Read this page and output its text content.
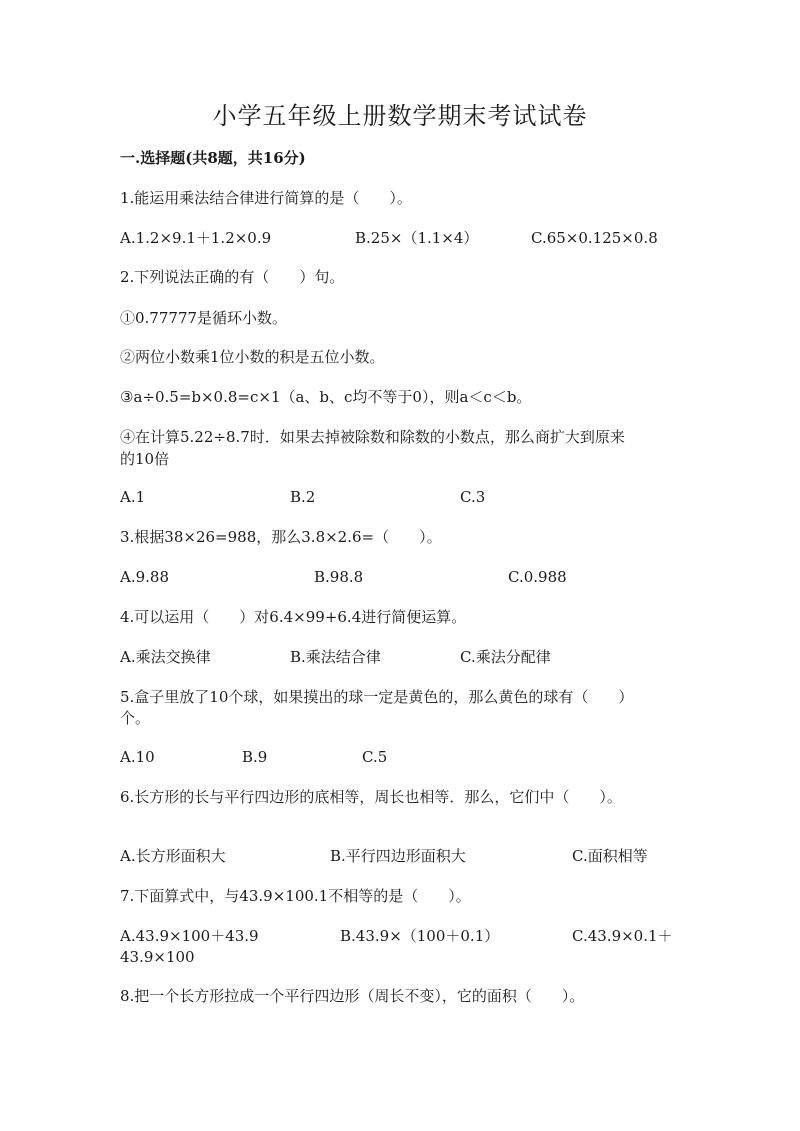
小学五年级上册数学期末考试试卷
一.选择题(共8题，共16分)
1.能运用乘法结合律进行简算的是（　　）。
A.1.2×9.1＋1.2×0.9	B.25×（1.1×4）	C.65×0.125×0.8
2.下列说法正确的有（　　）句。
①0.77777是循环小数。
②两位小数乘1位小数的积是五位小数。
③a÷0.5=b×0.8=c×1（a、b、c均不等于0），则a＜c＜b。
④在计算5.22÷8.7时．如果去掉被除数和除数的小数点，那么商扩大到原来
的10倍
A.1	B.2	C.3
3.根据38×26=988，那么3.8×2.6=（　　）。
A.9.88	B.98.8	C.0.988
4.可以运用（　　）对6.4×99+6.4进行简便运算。
A.乘法交换律	B.乘法结合律	C.乘法分配律
5.盒子里放了10个球，如果摸出的球一定是黄色的，那么黄色的球有（　　）
个。
A.10	B.9	C.5
6.长方形的长与平行四边形的底相等，周长也相等．那么，它们中（　　）。
A.长方形面积大	B.平行四边形面积大	C.面积相等
7.下面算式中，与43.9×100.1不相等的是（　　）。
A.43.9×100＋43.9	B.43.9×（100＋0.1）	C.43.9×0.1＋
43.9×100
8.把一个长方形拉成一个平行四边形（周长不变），它的面积（　　）。
